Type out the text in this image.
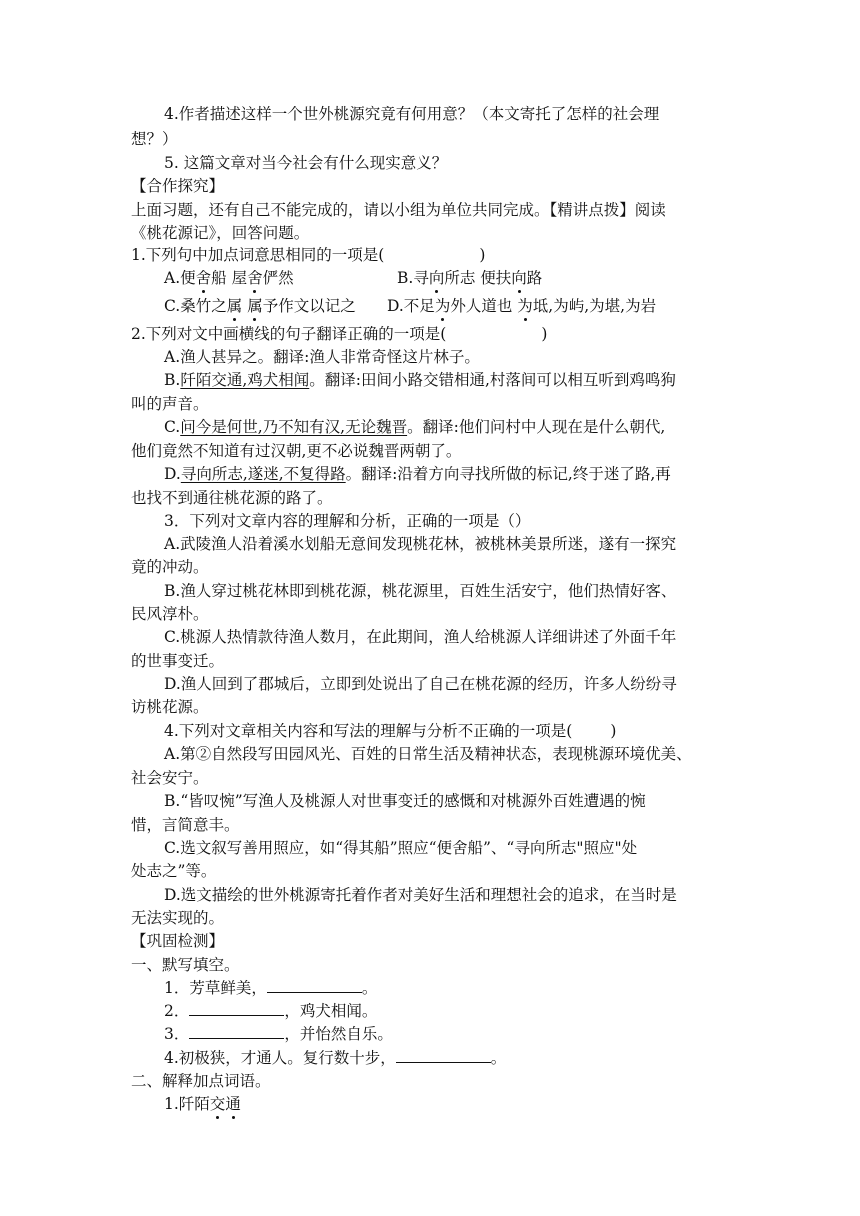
4.作者描述这样一个世外桃源究竟有何用意？（本文寄托了怎样的社会理
想？）
5. 这篇文章对当今社会有什么现实意义？
【合作探究】
上面习题，还有自己不能完成的，请以小组为单位共同完成。【精讲点拨】阅读
《桃花源记》，回答问题。
1.下列句中加点词意思相同的一项是(	)
A.便舍船 屋舍俨然	B.寻向所志 便扶向路
C.桑竹之属 属予作文以记之 D.不足为外人道也 为坻,为屿,为堪,为岩
2.下列对文中画横线的句子翻译正确的一项是(	)
A.渔人甚异之。翻译:渔人非常奇怪这片林子。
B.阡陌交通,鸡犬相闻。翻译:田间小路交错相通,村落间可以相互听到鸡鸣狗
叫的声音。
C.问今是何世,乃不知有汉,无论魏晋。翻译:他们问村中人现在是什么朝代,
他们竟然不知道有过汉朝,更不必说魏晋两朝了。
D.寻向所志,遂迷,不复得路。翻译:沿着方向寻找所做的标记,终于迷了路,再
也找不到通往桃花源的路了。
3．下列对文章内容的理解和分析，正确的一项是（）
A.武陵渔人沿着溪水划船无意间发现桃花林，被桃林美景所迷，遂有一探究
竟的冲动。
B.渔人穿过桃花林即到桃花源，桃花源里，百姓生活安宁，他们热情好客、
民风淳朴。
C.桃源人热情款待渔人数月，在此期间，渔人给桃源人详细讲述了外面千年
的世事变迁。
D.渔人回到了郡城后，立即到处说出了自己在桃花源的经历，许多人纷纷寻
访桃花源。
4.下列对文章相关内容和写法的理解与分析不正确的一项是( )
A.第②自然段写田园风光、百姓的日常生活及精神状态，表现桃源环境优美、
社会安宁。
B.“皆叹惋”写渔人及桃源人对世事变迁的感慨和对桃源外百姓遭遇的惋
惜，言简意丰。
C.选文叙写善用照应，如“得其船”照应“便舍船”、“寻向所志"照应"处
处志之”等。
D.选文描绘的世外桃源寄托着作者对美好生活和理想社会的追求，在当时是
无法实现的。
【巩固检测】
一、默写填空。
1．芳草鲜美，	。
2．	，鸡犬相闻。
3．	，并怡然自乐。
4.初极狭，才通人。复行数十步，	。
二、解释加点词语。
1.阡陌交通
